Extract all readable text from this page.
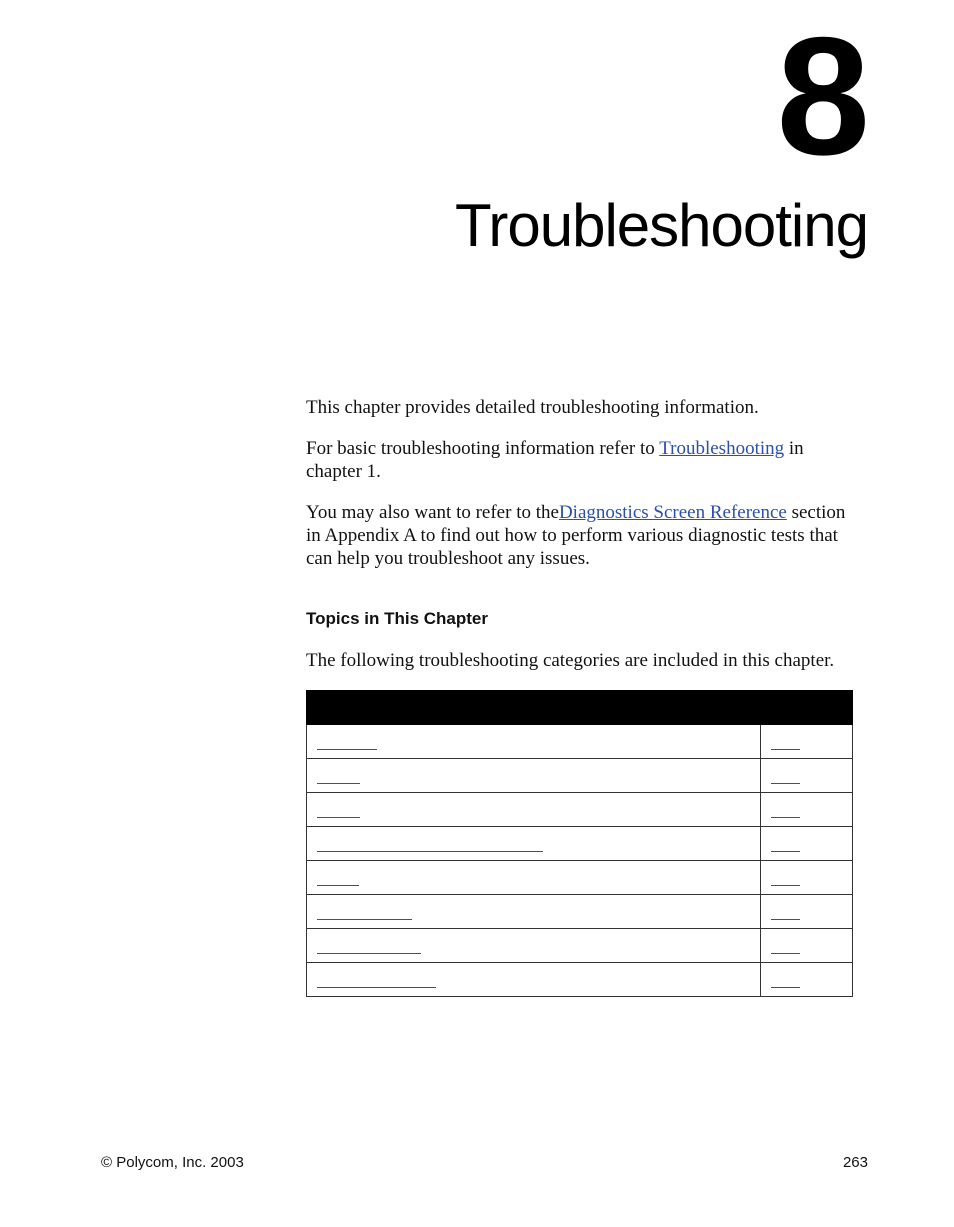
8
Troubleshooting

This chapter provides detailed troubleshooting information.

For basic troubleshooting information refer to Troubleshooting in chapter 1.

You may also want to refer to theDiagnostics Screen Reference section in Appendix A to find out how to perform various diagnostic tests that can help you troubleshoot any issues.

Topics in This Chapter

The following troubleshooting categories are included in this chapter.

© Polycom, Inc. 2003	263
